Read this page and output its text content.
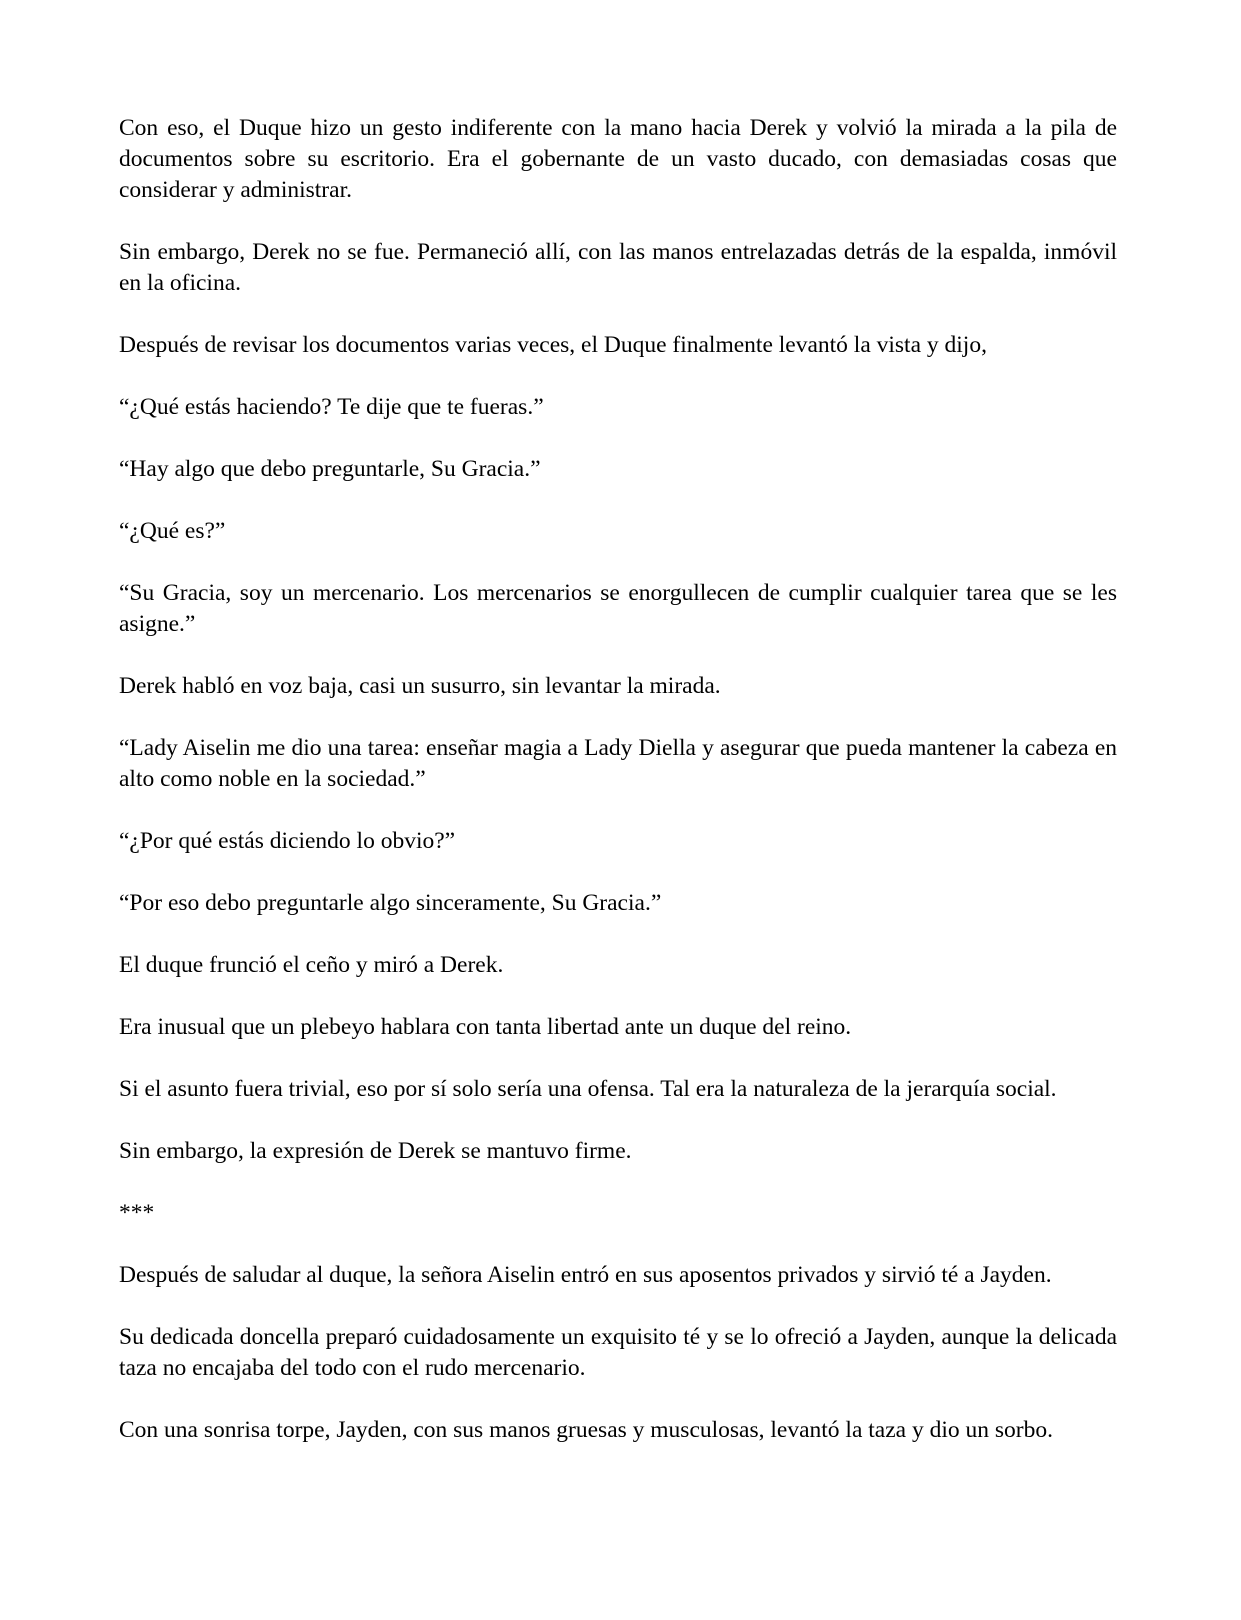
Con eso, el Duque hizo un gesto indiferente con la mano hacia Derek y volvió la mirada a la pila de documentos sobre su escritorio. Era el gobernante de un vasto ducado, con demasiadas cosas que considerar y administrar.

Sin embargo, Derek no se fue. Permaneció allí, con las manos entrelazadas detrás de la espalda, inmóvil en la oficina.

Después de revisar los documentos varias veces, el Duque finalmente levantó la vista y dijo,

“¿Qué estás haciendo? Te dije que te fueras.”

“Hay algo que debo preguntarle, Su Gracia.”

“¿Qué es?”

“Su Gracia, soy un mercenario. Los mercenarios se enorgullecen de cumplir cualquier tarea que se les asigne.”

Derek habló en voz baja, casi un susurro, sin levantar la mirada.

“Lady Aiselin me dio una tarea: enseñar magia a Lady Diella y asegurar que pueda mantener la cabeza en alto como noble en la sociedad.”

“¿Por qué estás diciendo lo obvio?”

“Por eso debo preguntarle algo sinceramente, Su Gracia.”

El duque frunció el ceño y miró a Derek.

Era inusual que un plebeyo hablara con tanta libertad ante un duque del reino.

Si el asunto fuera trivial, eso por sí solo sería una ofensa. Tal era la naturaleza de la jerarquía social.

Sin embargo, la expresión de Derek se mantuvo firme.

***

Después de saludar al duque, la señora Aiselin entró en sus aposentos privados y sirvió té a Jayden.

Su dedicada doncella preparó cuidadosamente un exquisito té y se lo ofreció a Jayden, aunque la delicada taza no encajaba del todo con el rudo mercenario.

Con una sonrisa torpe, Jayden, con sus manos gruesas y musculosas, levantó la taza y dio un sorbo.
